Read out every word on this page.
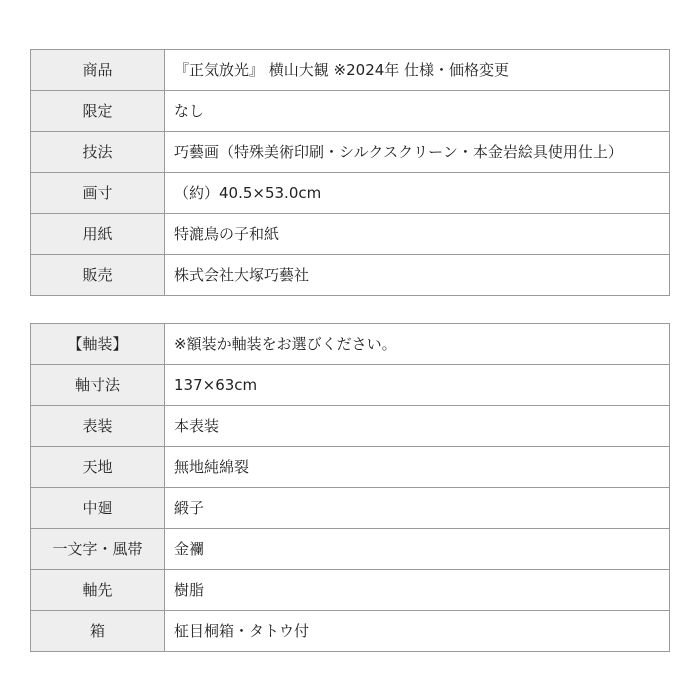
商品	『正気放光』 横山大観 ※2024年 仕様・価格変更
限定	なし
技法	巧藝画（特殊美術印刷・シルクスクリーン・本金岩絵具使用仕上）
画寸	（約）40.5×53.0cm
用紙	特漉鳥の子和紙
販売	株式会社大塚巧藝社
【軸装】	※額装か軸装をお選びください。
軸寸法	137×63cm
表装	本表装
天地	無地純綿裂
中廻	緞子
一文字・風帯	金襴
軸先	樹脂
箱	柾目桐箱・タトウ付
